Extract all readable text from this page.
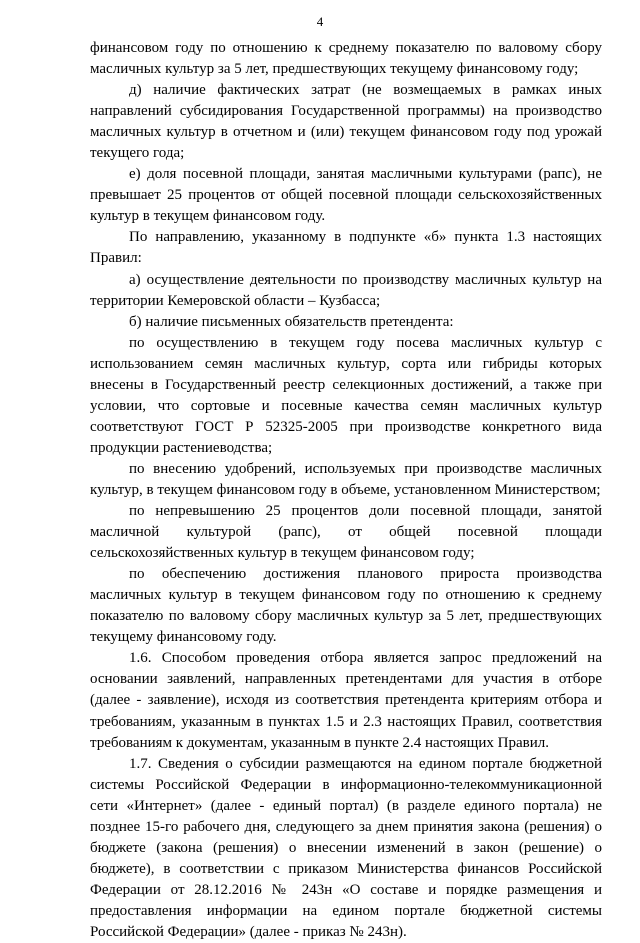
4

финансовом году по отношению к среднему показателю по валовому сбору масличных культур за 5 лет, предшествующих текущему финансовому году;

д) наличие фактических затрат (не возмещаемых в рамках иных направлений субсидирования Государственной программы) на производство масличных культур в отчетном и (или) текущем финансовом году под урожай текущего года;

е) доля посевной площади, занятая масличными культурами (рапс), не превышает 25 процентов от общей посевной площади сельскохозяйственных культур в текущем финансовом году.

По направлению, указанному в подпункте «б» пункта 1.3 настоящих Правил:

а) осуществление деятельности по производству масличных культур на территории Кемеровской области – Кузбасса;

б) наличие письменных обязательств претендента:

по осуществлению в текущем году посева масличных культур с использованием семян масличных культур, сорта или гибриды которых внесены в Государственный реестр селекционных достижений, а также при условии, что сортовые и посевные качества семян масличных культур соответствуют ГОСТ Р 52325-2005 при производстве конкретного вида продукции растениеводства;

по внесению удобрений, используемых при производстве масличных культур, в текущем финансовом году в объеме, установленном Министерством;

по непревышению 25 процентов доли посевной площади, занятой масличной культурой (рапс), от общей посевной площади сельскохозяйственных культур в текущем финансовом году;

по обеспечению достижения планового прироста производства масличных культур в текущем финансовом году по отношению к среднему показателю по валовому сбору масличных культур за 5 лет, предшествующих текущему финансовому году.

1.6. Способом проведения отбора является запрос предложений на основании заявлений, направленных претендентами для участия в отборе (далее - заявление), исходя из соответствия претендента критериям отбора и требованиям, указанным в пунктах 1.5 и 2.3 настоящих Правил, соответствия требованиям к документам, указанным в пункте 2.4 настоящих Правил.

1.7. Сведения о субсидии размещаются на едином портале бюджетной системы Российской Федерации в информационно-телекоммуникационной сети «Интернет» (далее - единый портал) (в разделе единого портала) не позднее 15-го рабочего дня, следующего за днем принятия закона (решения) о бюджете (закона (решения) о внесении изменений в закон (решение) о бюджете), в соответствии с приказом Министерства финансов Российской Федерации от 28.12.2016 № 243н «О составе и порядке размещения и предоставления информации на едином портале бюджетной системы Российской Федерации» (далее - приказ № 243н).
